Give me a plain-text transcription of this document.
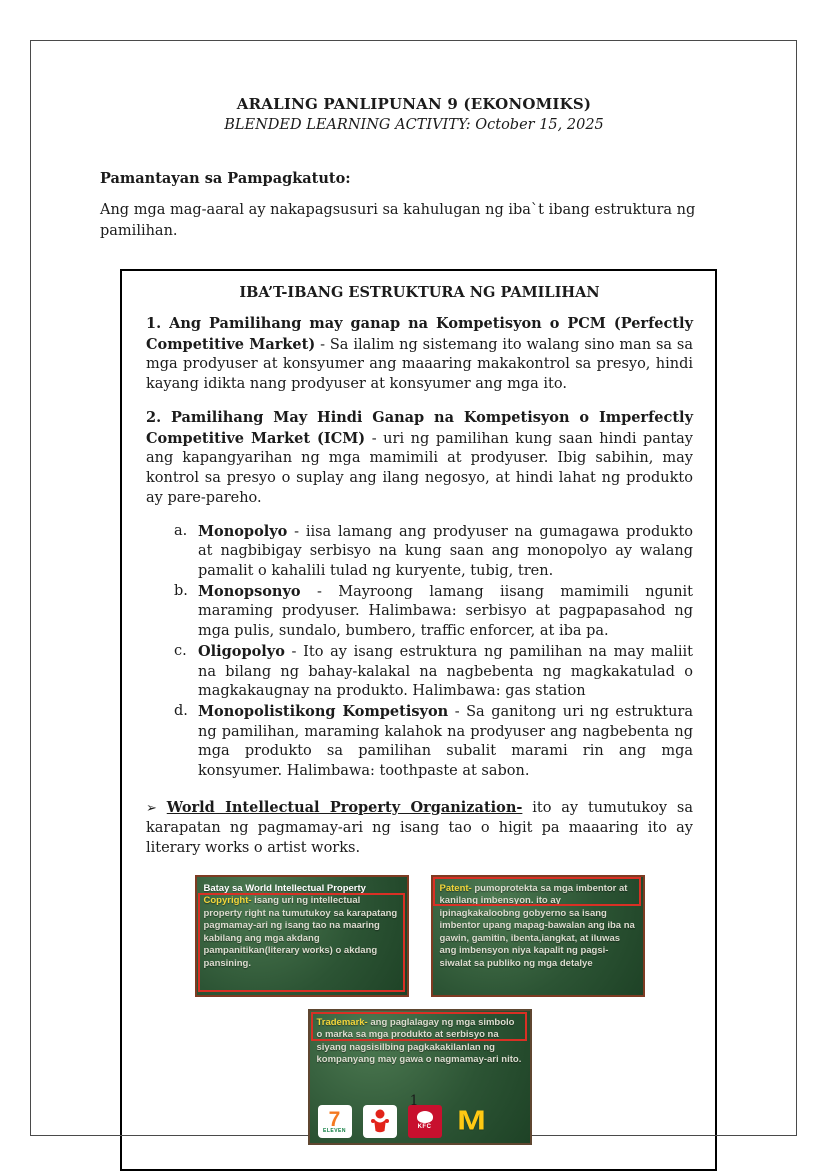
ARALING PANLIPUNAN 9 (EKONOMIKS)
BLENDED LEARNING ACTIVITY: October 15, 2025

Pamantayan sa Pampagkatuto:

Ang mga mag-aaral ay nakapagsusuri sa kahulugan ng iba`t ibang estruktura ng pamilihan.

IBA’T-IBANG ESTRUKTURA NG PAMILIHAN

1. Ang Pamilihang may ganap na Kompetisyon o PCM (Perfectly Competitive Market) - Sa ilalim ng sistemang ito walang sino man sa sa mga prodyuser at konsyumer ang maaaring makakontrol sa presyo, hindi kayang idikta nang prodyuser at konsyumer ang mga ito.

2. Pamilihang May Hindi Ganap na Kompetisyon o Imperfectly Competitive Market (ICM) - uri ng pamilihan kung saan hindi pantay ang kapangyarihan ng mga mamimili at prodyuser. Ibig sabihin, may kontrol sa presyo o suplay ang ilang negosyo, at hindi lahat ng produkto ay pare-pareho.

a. Monopolyo - iisa lamang ang prodyuser na gumagawa produkto at nagbibigay serbisyo na kung saan ang monopolyo ay walang pamalit o kahalili tulad ng kuryente, tubig, tren.
b. Monopsonyo - Mayroong lamang iisang mamimili ngunit maraming prodyuser. Halimbawa: serbisyo at pagpapasahod ng mga pulis, sundalo, bumbero, traffic enforcer, at iba pa.
c. Oligopolyo - Ito ay isang estruktura ng pamilihan na may maliit na bilang ng bahay-kalakal na nagbebenta ng magkakatulad o magkakaugnay na produkto. Halimbawa: gas station
d. Monopolistikong Kompetisyon - Sa ganitong uri ng estruktura ng pamilihan, maraming kalahok na prodyuser ang nagbebenta ng mga produkto sa pamilihan subalit marami rin ang mga konsyumer. Halimbawa: toothpaste at sabon.

➢ World Intellectual Property Organization- ito ay tumutukoy sa karapatan ng pagmamay-ari ng isang tao o higit pa maaaring ito ay literary works o artist works.

Batay sa World Intellectual Property
Copyright- isang uri ng intellectual property right na tumutukoy sa karapatang pagmamay-ari ng isang tao na maaring kabilang ang mga akdang pampanitikan(literary works) o akdang pansining.
Patent- pumoprotekta sa mga imbentor at kanilang imbensyon. ito ay ipinagkakaloobng gobyerno sa isang imbentor upang mapag-bawalan ang iba na gawin, gamitin, ibenta,iangkat, at iluwas ang imbensyon niya kapalit ng pagsi-siwalat sa publiko ng mga detalye
Trademark- ang paglalagay ng mga simbolo o marka sa mga produkto at serbisyo na siyang nagsisilbing pagkakakilanlan ng kompanyang may gawa o nagmamay-ari nito.
7
ELEVEN
KFC M
1
